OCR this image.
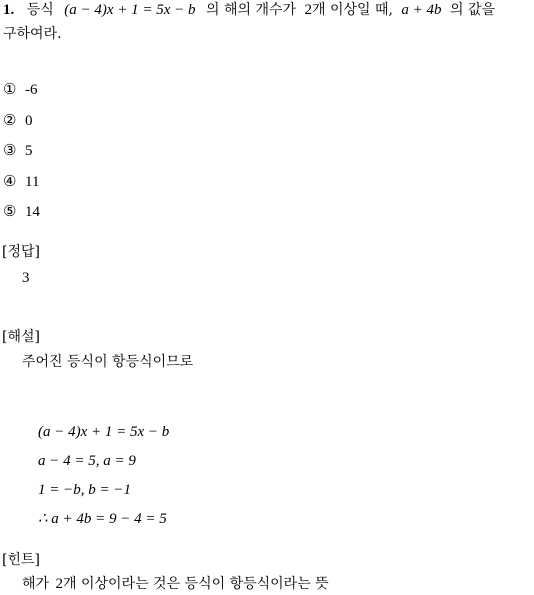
1. 등식 (a − 4)x + 1 = 5x − b 의 해의 개수가 2개 이상일 때, a + 4b 의 값을
구하여라.
① -6
② 0
③ 5
④ 11
⑤ 14
[정답]
3
[해설]
주어진 등식이 항등식이므로
(a − 4)x + 1 = 5x − b
a − 4 = 5, a = 9
1 = −b, b = −1
∴ a + 4b = 9 − 4 = 5
[힌트]
해가 2개 이상이라는 것은 등식이 항등식이라는 뜻
